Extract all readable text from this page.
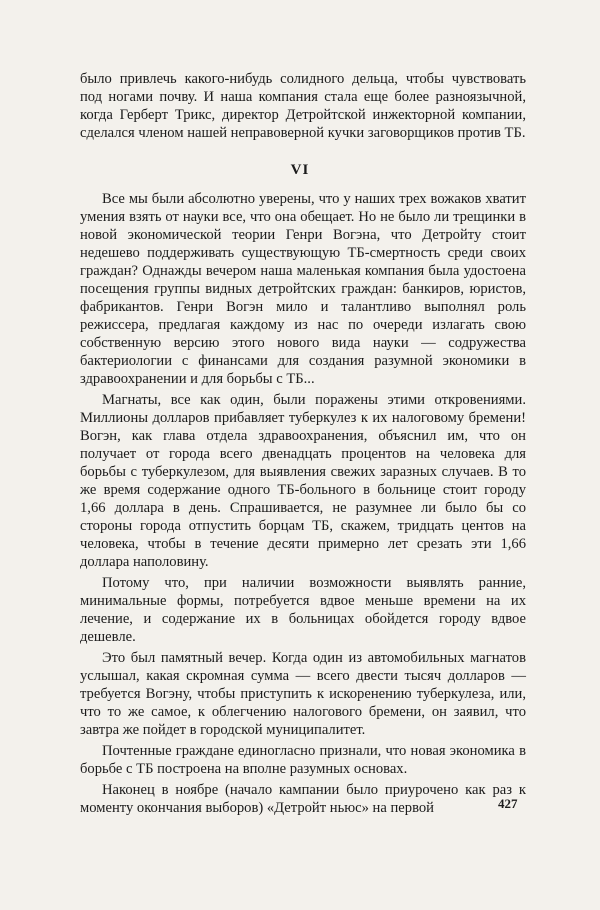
было привлечь какого-нибудь солидного дельца, чтобы чувствовать под ногами почву. И наша компания стала еще более разноязычной, когда Герберт Трикс, директор Детройтской инжекторной компании, сделался членом нашей неправоверной кучки заговорщиков против ТБ.

VI

Все мы были абсолютно уверены, что у наших трех вожаков хватит умения взять от науки все, что она обещает. Но не было ли трещинки в новой экономической теории Генри Вогэна, что Детройту стоит недешево поддерживать существующую ТБ-смертность среди своих граждан? Однажды вечером наша маленькая компания была удостоена посещения группы видных детройтских граждан: банкиров, юристов, фабрикантов. Генри Вогэн мило и талантливо выполнял роль режиссера, предлагая каждому из нас по очереди излагать свою собственную версию этого нового вида науки — содружества бактериологии с финансами для создания разумной экономики в здравоохранении и для борьбы с ТБ...

Магнаты, все как один, были поражены этими откровениями. Миллионы долларов прибавляет туберкулез к их налоговому бремени! Вогэн, как глава отдела здравоохранения, объяснил им, что он получает от города всего двенадцать процентов на человека для борьбы с туберкулезом, для выявления свежих заразных случаев. В то же время содержание одного ТБ-больного в больнице стоит городу 1,66 доллара в день. Спрашивается, не разумнее ли было бы со стороны города отпустить борцам ТБ, скажем, тридцать центов на человека, чтобы в течение десяти примерно лет срезать эти 1,66 доллара наполовину.

Потому что, при наличии возможности выявлять ранние, минимальные формы, потребуется вдвое меньше времени на их лечение, и содержание их в больницах обойдется городу вдвое дешевле.

Это был памятный вечер. Когда один из автомобильных магнатов услышал, какая скромная сумма — всего двести тысяч долларов — требуется Вогэну, чтобы приступить к искоренению туберкулеза, или, что то же самое, к облегчению налогового бремени, он заявил, что завтра же пойдет в городской муниципалитет.

Почтенные граждане единогласно признали, что новая экономика в борьбе с ТБ построена на вполне разумных основах.

Наконец в ноябре (начало кампании было приурочено как раз к моменту окончания выборов) «Детройт ньюс» на первой	427
